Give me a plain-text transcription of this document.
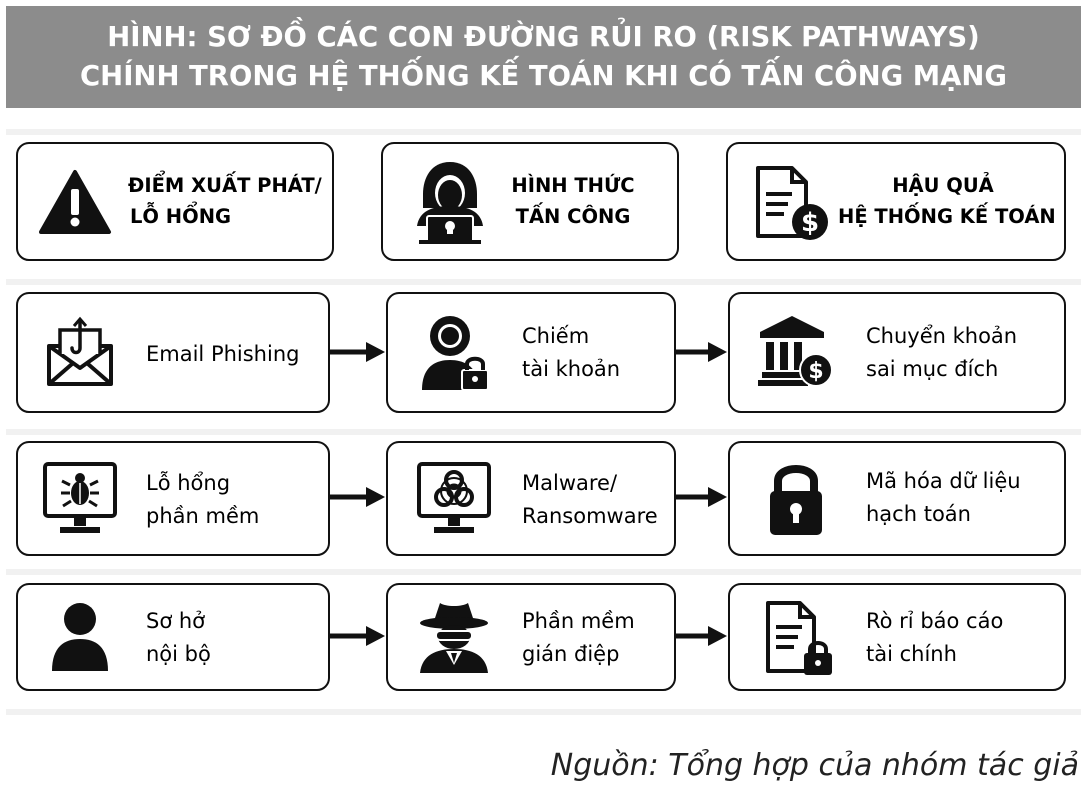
HÌNH: SƠ ĐỒ CÁC CON ĐƯỜNG RỦI RO (RISK PATHWAYS)
CHÍNH TRONG HỆ THỐNG KẾ TOÁN KHI CÓ TẤN CÔNG MẠNG
ĐIỂM XUẤT PHÁT/
LỖ HỔNG
HÌNH THỨC
TẤN CÔNG	$
HẬU QUẢ
HỆ THỐNG KẾ TOÁN
Email Phishing
Chiếm
tài khoản	$
Chuyển khoản
sai mục đích
Lỗ hổng
phần mềm
Malware/
Ransomware
Mã hóa dữ liệu
hạch toán
Sơ hở
nội bộ
Phần mềm
gián điệp
Rò rỉ báo cáo
tài chính
Nguồn: Tổng hợp của nhóm tác giả
